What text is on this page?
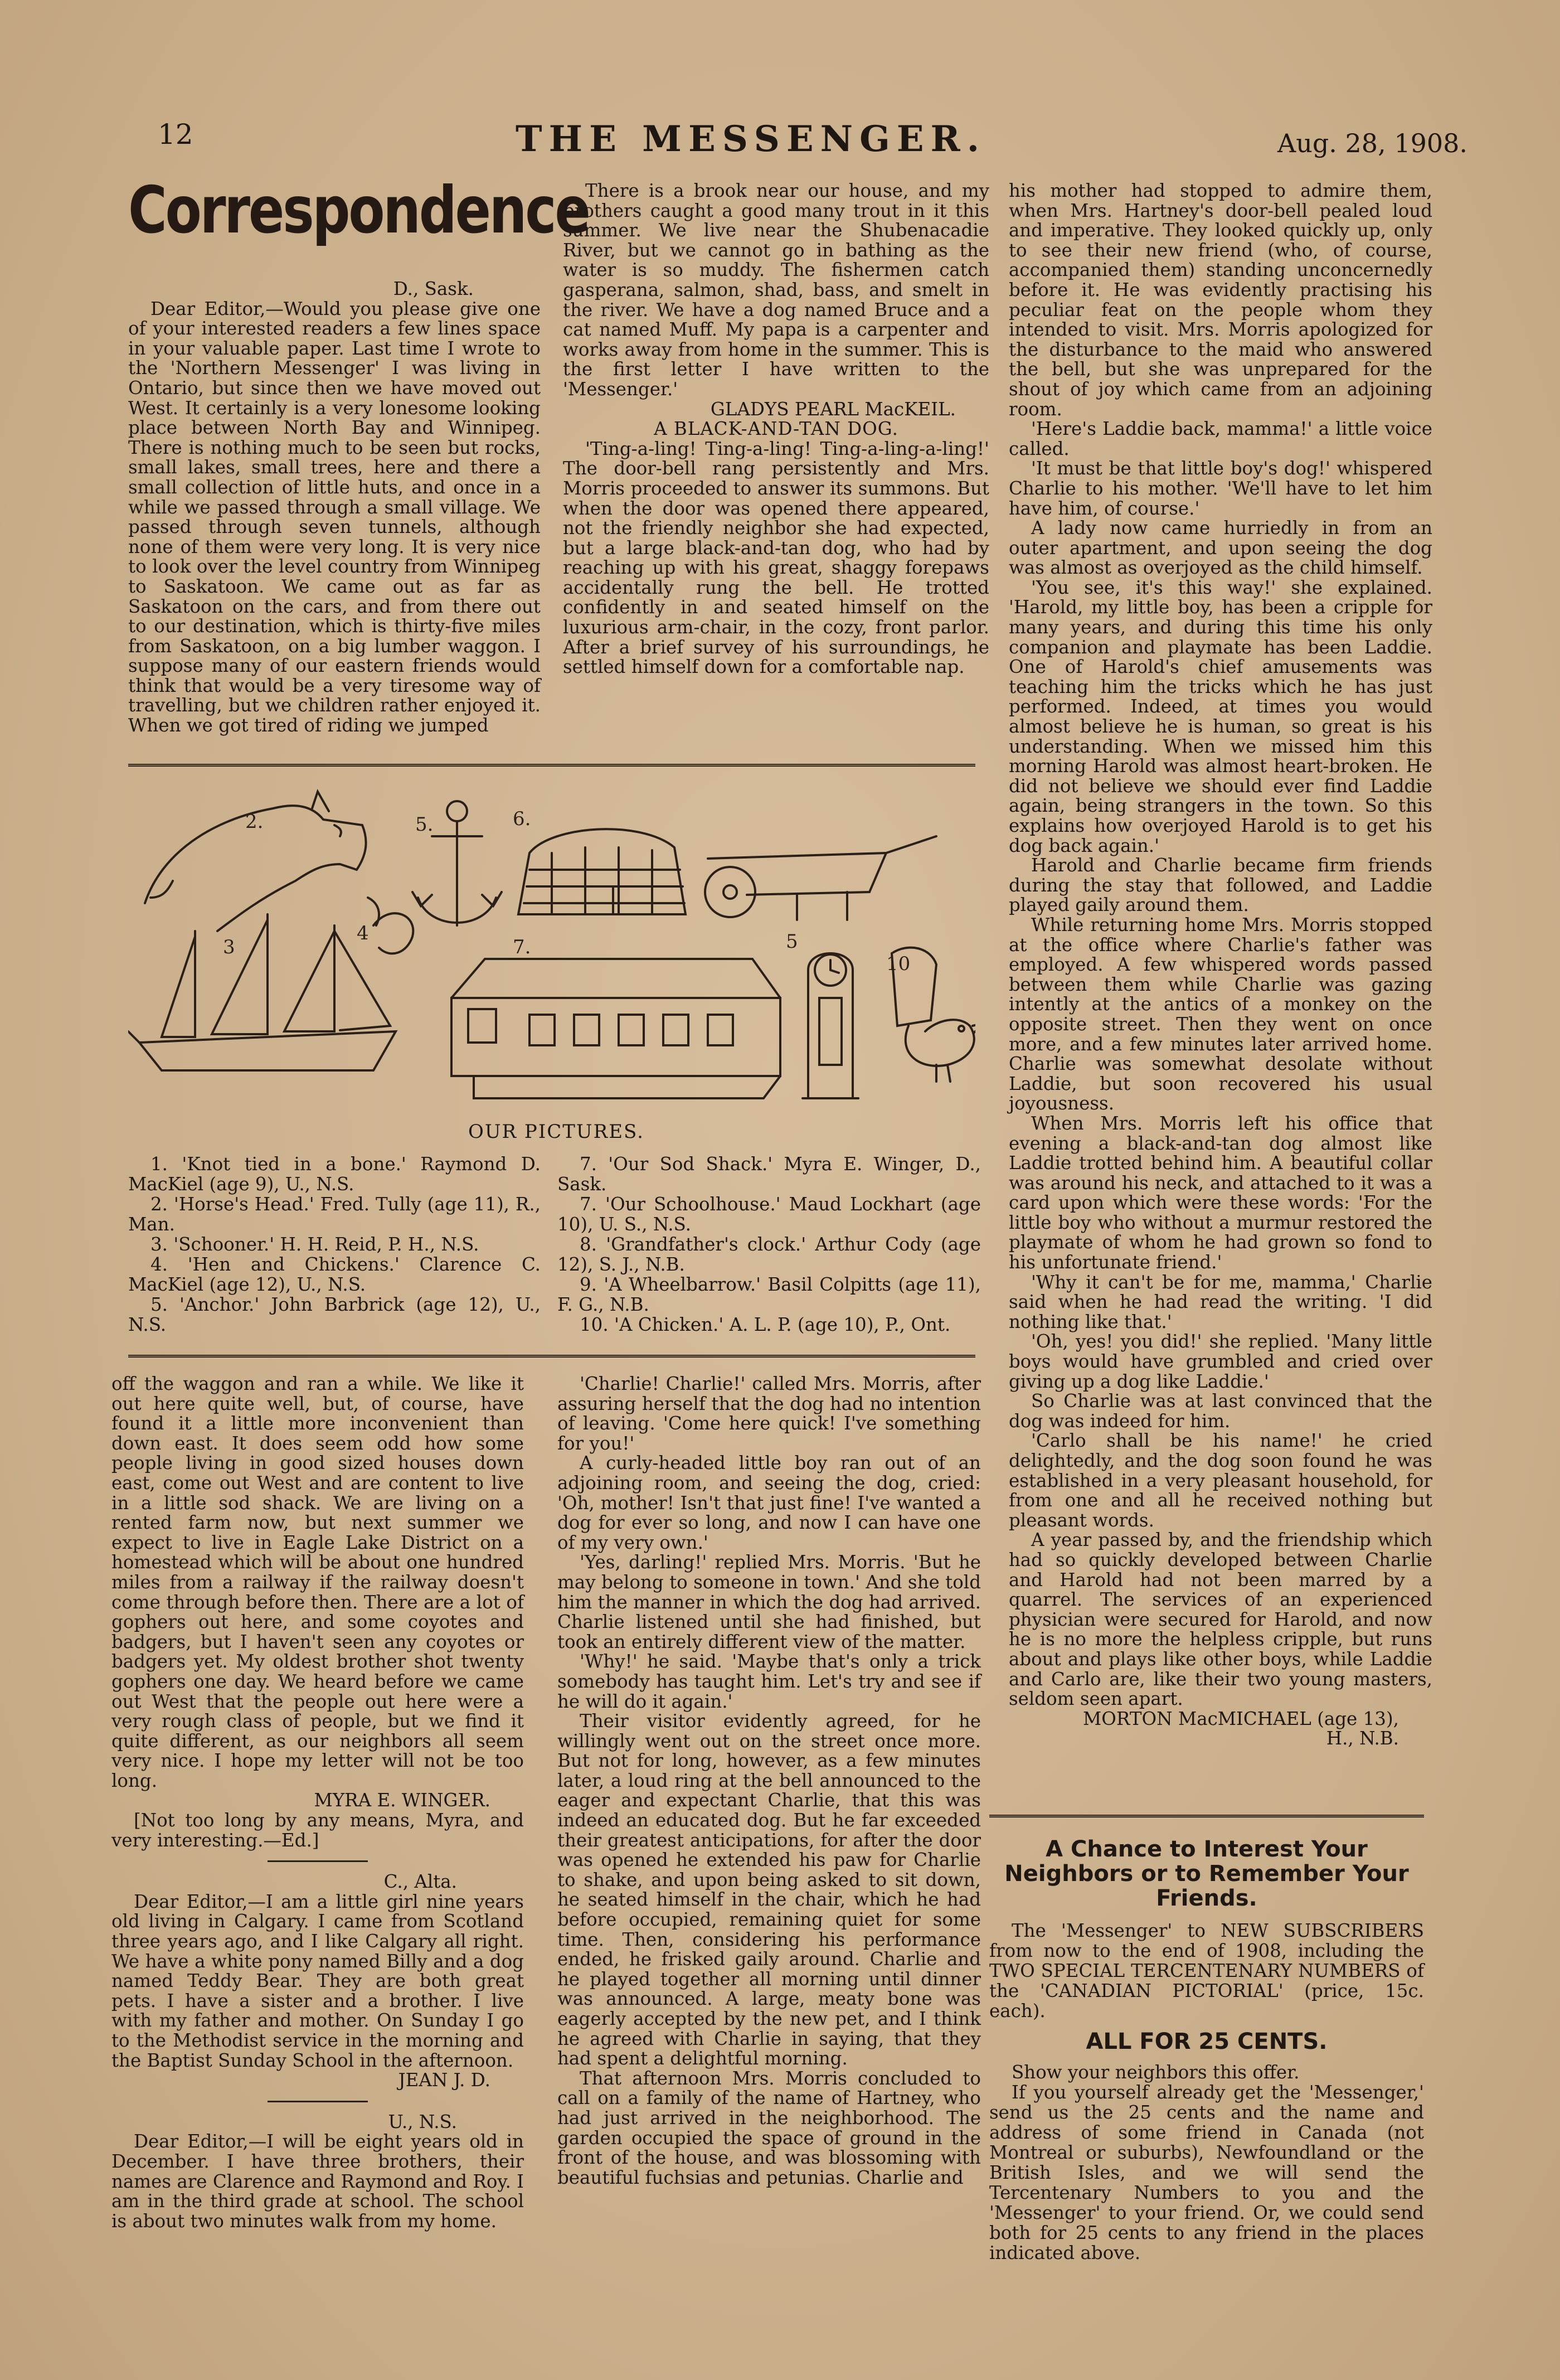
12	THE MESSENGER.	Aug. 28, 1908.
Correspondence

D., Sask.

Dear Editor,—Would you please give one of your interested readers a few lines space in your valuable paper. Last time I wrote to the 'Northern Messenger' I was living in Ontario, but since then we have moved out West. It certainly is a very lonesome looking place between North Bay and Winnipeg. There is nothing much to be seen but rocks, small lakes, small trees, here and there a small collection of little huts, and once in a while we passed through a small village. We passed through seven tunnels, although none of them were very long. It is very nice to look over the level country from Winnipeg to Saskatoon. We came out as far as Saskatoon on the cars, and from there out to our destination, which is thirty-five miles from Saskatoon, on a big lumber waggon. I suppose many of our eastern friends would think that would be a very tiresome way of travelling, but we children rather enjoyed it. When we got tired of riding we jumped

There is a brook near our house, and my brothers caught a good many trout in it this summer. We live near the Shubenacadie River, but we cannot go in bathing as the water is so muddy. The fishermen catch gasperana, salmon, shad, bass, and smelt in the river. We have a dog named Bruce and a cat named Muff. My papa is a carpenter and works away from home in the summer. This is the first letter I have written to the 'Messenger.'

GLADYS PEARL MacKEIL.

A BLACK-AND-TAN DOG.

'Ting-a-ling! Ting-a-ling! Ting-a-ling-a-ling!' The door-bell rang persistently and Mrs. Morris proceeded to answer its summons. But when the door was opened there appeared, not the friendly neighbor she had expected, but a large black-and-tan dog, who had by reaching up with his great, shaggy forepaws accidentally rung the bell. He trotted confidently in and seated himself on the luxurious arm-chair, in the cozy, front parlor. After a brief survey of his surroundings, he settled himself down for a comfortable nap.

his mother had stopped to admire them, when Mrs. Hartney's door-bell pealed loud and imperative. They looked quickly up, only to see their new friend (who, of course, accompanied them) standing unconcernedly before it. He was evidently practising his peculiar feat on the people whom they intended to visit. Mrs. Morris apologized for the disturbance to the maid who answered the bell, but she was unprepared for the shout of joy which came from an adjoining room.

'Here's Laddie back, mamma!' a little voice called.

'It must be that little boy's dog!' whispered Charlie to his mother. 'We'll have to let him have him, of course.'

A lady now came hurriedly in from an outer apartment, and upon seeing the dog was almost as overjoyed as the child himself.

'You see, it's this way!' she explained. 'Harold, my little boy, has been a cripple for many years, and during this time his only companion and playmate has been Laddie. One of Harold's chief amusements was teaching him the tricks which he has just performed. Indeed, at times you would almost believe he is human, so great is his understanding. When we missed him this morning Harold was almost heart-broken. He did not believe we should ever find Laddie again, being strangers in the town. So this explains how overjoyed Harold is to get his dog back again.'

Harold and Charlie became firm friends during the stay that followed, and Laddie played gaily around them.

While returning home Mrs. Morris stopped at the office where Charlie's father was employed. A few whispered words passed between them while Charlie was gazing intently at the antics of a monkey on the opposite street. Then they went on once more, and a few minutes later arrived home. Charlie was somewhat desolate without Laddie, but soon recovered his usual joyousness.

When Mrs. Morris left his office that evening a black-and-tan dog almost like Laddie trotted behind him. A beautiful collar was around his neck, and attached to it was a card upon which were these words: 'For the little boy who without a murmur restored the playmate of whom he had grown so fond to his unfortunate friend.'

'Why it can't be for me, mamma,' Charlie said when he had read the writing. 'I did nothing like that.'

'Oh, yes! you did!' she replied. 'Many little boys would have grumbled and cried over giving up a dog like Laddie.'

So Charlie was at last convinced that the dog was indeed for him.

'Carlo shall be his name!' he cried delightedly, and the dog soon found he was established in a very pleasant household, for from one and all he received nothing but pleasant words.

A year passed by, and the friendship which had so quickly developed between Charlie and Harold had not been marred by a quarrel. The services of an experienced physician were secured for Harold, and now he is no more the helpless cripple, but runs about and plays like other boys, while Laddie and Carlo are, like their two young masters, seldom seen apart.

MORTON MacMICHAEL (age 13),

H., N.B.

2.	5.	6.
4
3	7.	5
10
OUR PICTURES.

1. 'Knot tied in a bone.' Raymond D. MacKiel (age 9), U., N.S.

2. 'Horse's Head.' Fred. Tully (age 11), R., Man.

3. 'Schooner.' H. H. Reid, P. H., N.S.

4. 'Hen and Chickens.' Clarence C. MacKiel (age 12), U., N.S.

5. 'Anchor.' John Barbrick (age 12), U., N.S.

7. 'Our Sod Shack.' Myra E. Winger, D., Sask.

7. 'Our Schoolhouse.' Maud Lockhart (age 10), U. S., N.S.

8. 'Grandfather's clock.' Arthur Cody (age 12), S. J., N.B.

9. 'A Wheelbarrow.' Basil Colpitts (age 11), F. G., N.B.

10. 'A Chicken.' A. L. P. (age 10), P., Ont.

off the waggon and ran a while. We like it out here quite well, but, of course, have found it a little more inconvenient than down east. It does seem odd how some people living in good sized houses down east, come out West and are content to live in a little sod shack. We are living on a rented farm now, but next summer we expect to live in Eagle Lake District on a homestead which will be about one hundred miles from a railway if the railway doesn't come through before then. There are a lot of gophers out here, and some coyotes and badgers, but I haven't seen any coyotes or badgers yet. My oldest brother shot twenty gophers one day. We heard before we came out West that the people out here were a very rough class of people, but we find it quite different, as our neighbors all seem very nice. I hope my letter will not be too long.

MYRA E. WINGER.

[Not too long by any means, Myra, and very interesting.—Ed.]

C., Alta.

Dear Editor,—I am a little girl nine years old living in Calgary. I came from Scotland three years ago, and I like Calgary all right. We have a white pony named Billy and a dog named Teddy Bear. They are both great pets. I have a sister and a brother. I live with my father and mother. On Sunday I go to the Methodist service in the morning and the Baptist Sunday School in the afternoon.

JEAN J. D.

U., N.S.

Dear Editor,—I will be eight years old in December. I have three brothers, their names are Clarence and Raymond and Roy. I am in the third grade at school. The school is about two minutes walk from my home.

'Charlie! Charlie!' called Mrs. Morris, after assuring herself that the dog had no intention of leaving. 'Come here quick! I've something for you!'

A curly-headed little boy ran out of an adjoining room, and seeing the dog, cried: 'Oh, mother! Isn't that just fine! I've wanted a dog for ever so long, and now I can have one of my very own.'

'Yes, darling!' replied Mrs. Morris. 'But he may belong to someone in town.' And she told him the manner in which the dog had arrived. Charlie listened until she had finished, but took an entirely different view of the matter.

'Why!' he said. 'Maybe that's only a trick somebody has taught him. Let's try and see if he will do it again.'

Their visitor evidently agreed, for he willingly went out on the street once more. But not for long, however, as a few minutes later, a loud ring at the bell announced to the eager and expectant Charlie, that this was indeed an educated dog. But he far exceeded their greatest anticipations, for after the door was opened he extended his paw for Charlie to shake, and upon being asked to sit down, he seated himself in the chair, which he had before occupied, remaining quiet for some time. Then, considering his performance ended, he frisked gaily around. Charlie and he played together all morning until dinner was announced. A large, meaty bone was eagerly accepted by the new pet, and I think he agreed with Charlie in saying, that they had spent a delightful morning.

That afternoon Mrs. Morris concluded to call on a family of the name of Hartney, who had just arrived in the neighborhood. The garden occupied the space of ground in the front of the house, and was blossoming with beautiful fuchsias and petunias. Charlie and

A Chance to Interest Your Neighbors or to Remember Your Friends.

The 'Messenger' to NEW SUBSCRIBERS from now to the end of 1908, including the TWO SPECIAL TERCENTENARY NUMBERS of the 'CANADIAN PICTORIAL' (price, 15c. each).

ALL FOR 25 CENTS.

Show your neighbors this offer.

If you yourself already get the 'Messenger,' send us the 25 cents and the name and address of some friend in Canada (not Montreal or suburbs), Newfoundland or the British Isles, and we will send the Tercentenary Numbers to you and the 'Messenger' to your friend. Or, we could send both for 25 cents to any friend in the places indicated above.
